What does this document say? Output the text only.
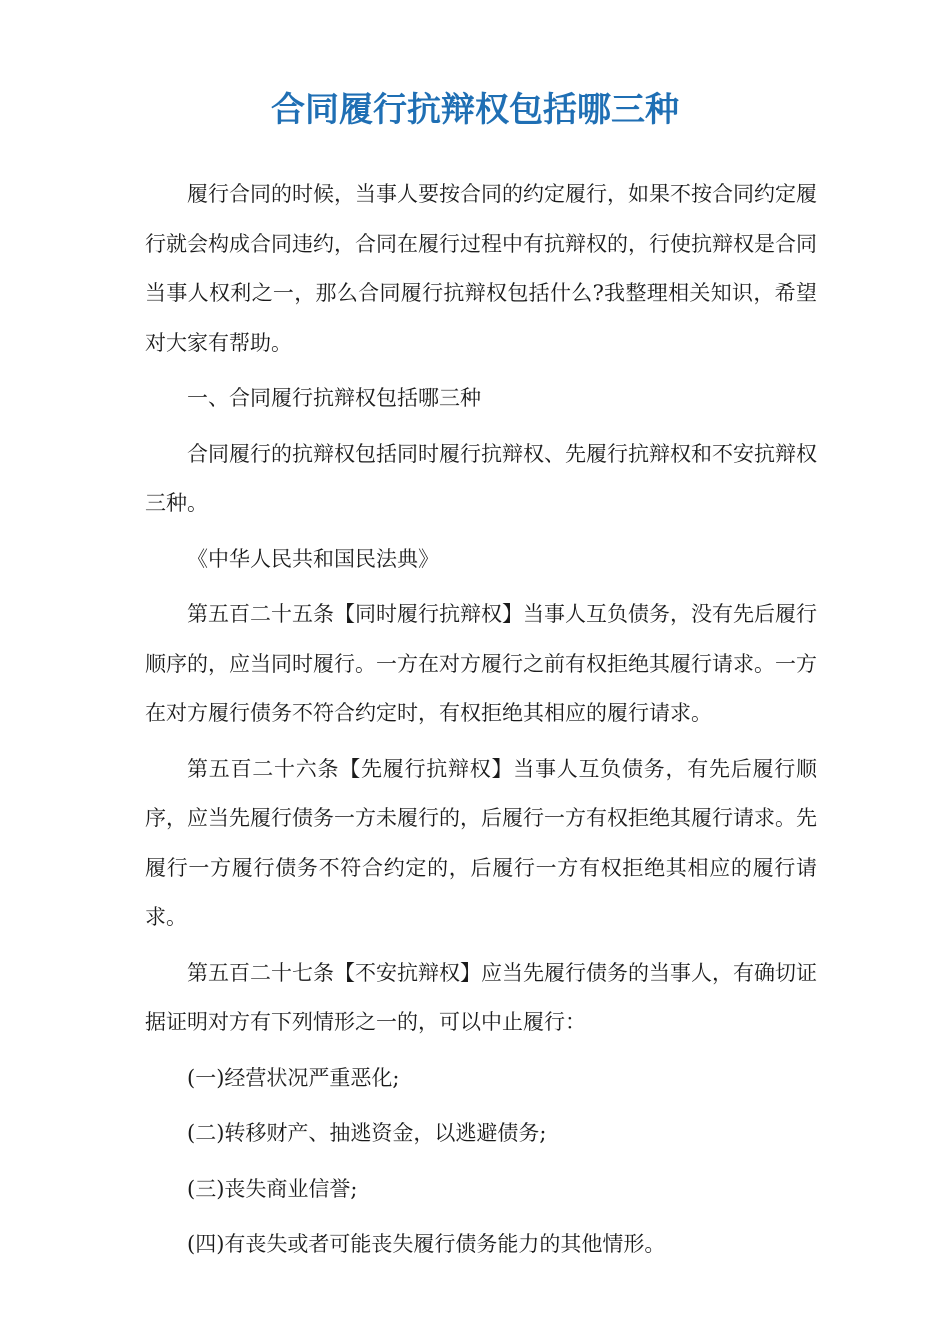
合同履行抗辩权包括哪三种

履行合同的时候，当事人要按合同的约定履行，如果不按合同约定履行就会构成合同违约，合同在履行过程中有抗辩权的，行使抗辩权是合同当事人权利之一，那么合同履行抗辩权包括什么?我整理相关知识，希望对大家有帮助。

一、合同履行抗辩权包括哪三种

合同履行的抗辩权包括同时履行抗辩权、先履行抗辩权和不安抗辩权三种。

《中华人民共和国民法典》

第五百二十五条【同时履行抗辩权】当事人互负债务，没有先后履行顺序的，应当同时履行。一方在对方履行之前有权拒绝其履行请求。一方在对方履行债务不符合约定时，有权拒绝其相应的履行请求。

第五百二十六条【先履行抗辩权】当事人互负债务，有先后履行顺序，应当先履行债务一方未履行的，后履行一方有权拒绝其履行请求。先履行一方履行债务不符合约定的，后履行一方有权拒绝其相应的履行请求。

第五百二十七条【不安抗辩权】应当先履行债务的当事人，有确切证据证明对方有下列情形之一的，可以中止履行：

(一)经营状况严重恶化;

(二)转移财产、抽逃资金，以逃避债务;

(三)丧失商业信誉;

(四)有丧失或者可能丧失履行债务能力的其他情形。
